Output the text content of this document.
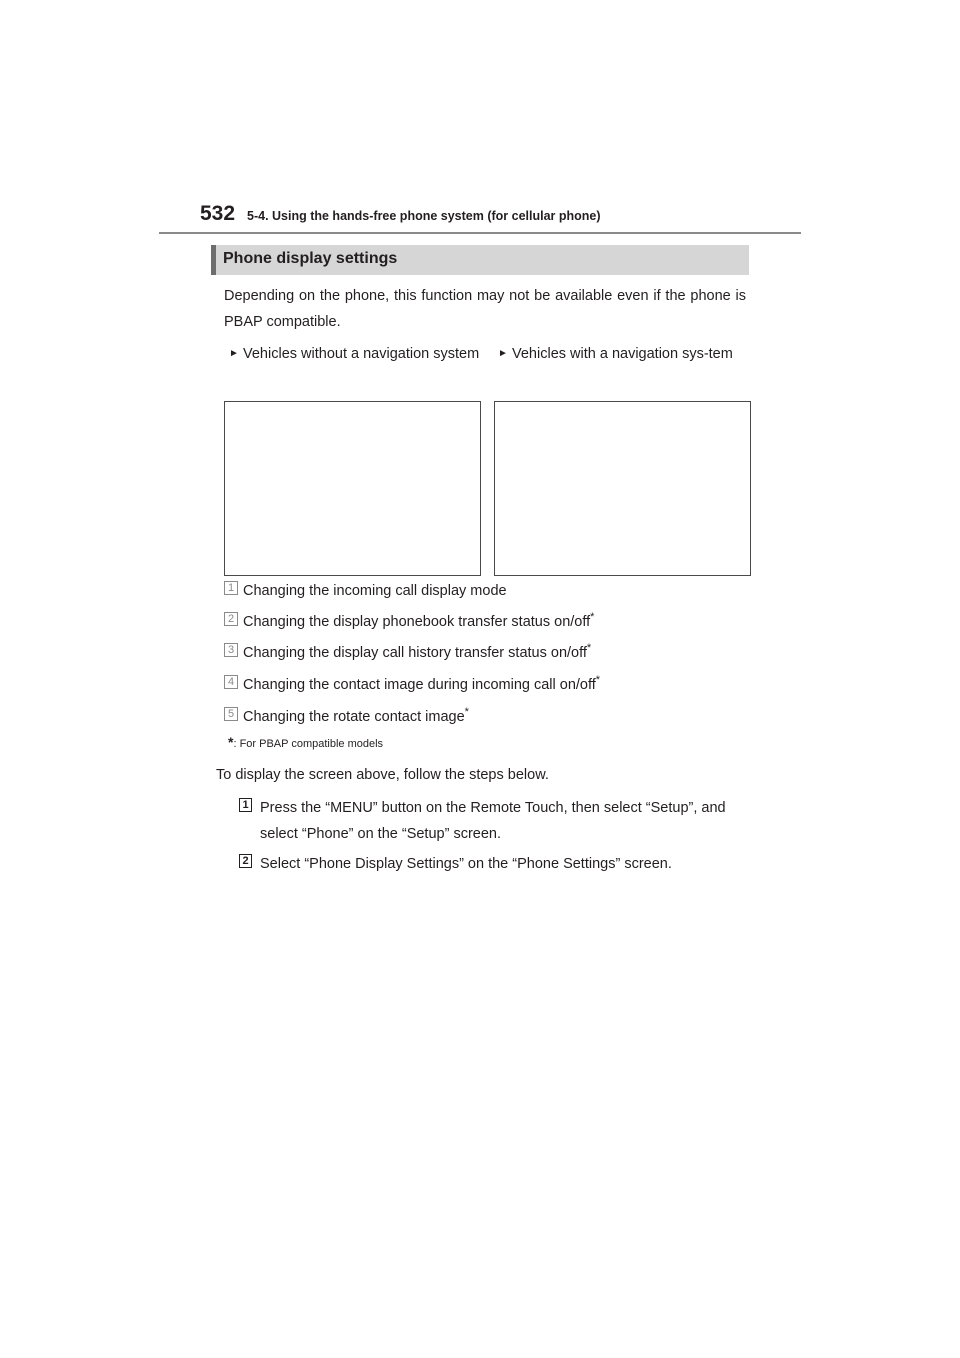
532 5-4. Using the hands-free phone system (for cellular phone)
Phone display settings
Depending on the phone, this function may not be available even if the phone is PBAP compatible.
► Vehicles without a navigation system	► Vehicles with a navigation sys-tem
1 Changing the incoming call display mode
2 Changing the display phonebook transfer status on/off*
3 Changing the display call history transfer status on/off*
4 Changing the contact image during incoming call on/off*
5 Changing the rotate contact image*
*: For PBAP compatible models
To display the screen above, follow the steps below.
1 Press the “MENU” button on the Remote Touch, then select “Setup”, and select “Phone” on the “Setup” screen.
2 Select “Phone Display Settings” on the “Phone Settings” screen.
